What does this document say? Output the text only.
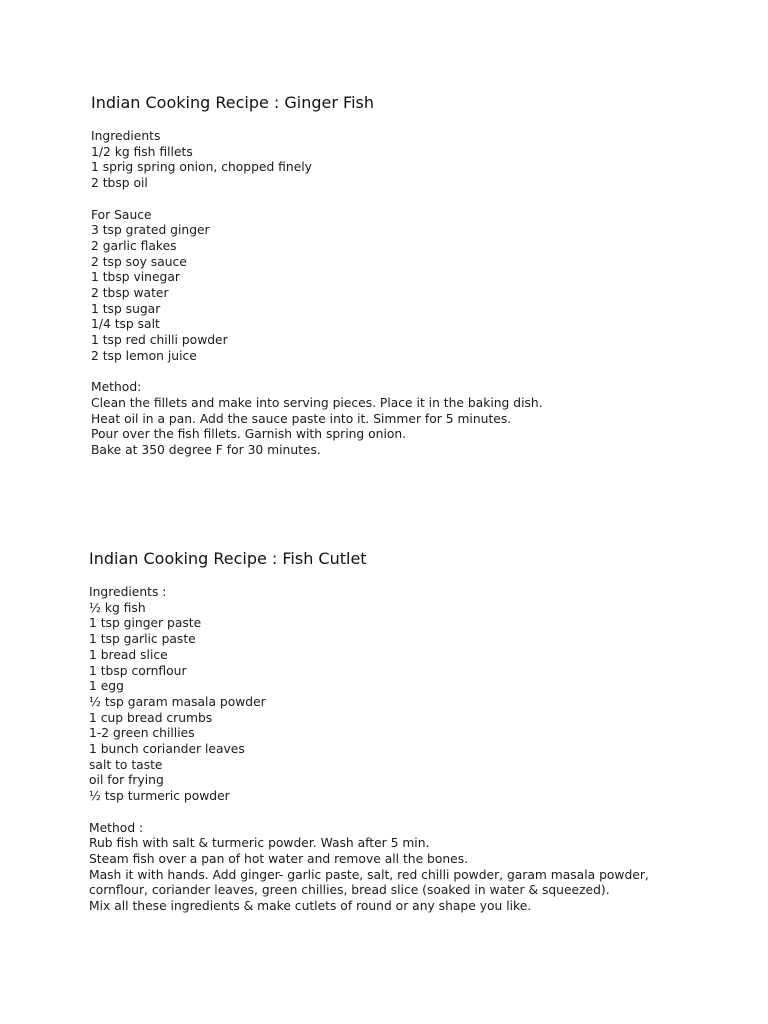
Indian Cooking Recipe : Ginger Fish
Ingredients
1/2 kg fish fillets
1 sprig spring onion, chopped finely
2 tbsp oil
For Sauce
3 tsp grated ginger
2 garlic flakes
2 tsp soy sauce
1 tbsp vinegar
2 tbsp water
1 tsp sugar
1/4 tsp salt
1 tsp red chilli powder
2 tsp lemon juice
Method:
Clean the fillets and make into serving pieces. Place it in the baking dish.
Heat oil in a pan. Add the sauce paste into it. Simmer for 5 minutes.
Pour over the fish fillets. Garnish with spring onion.
Bake at 350 degree F for 30 minutes.
Indian Cooking Recipe : Fish Cutlet
Ingredients :
½ kg fish
1 tsp ginger paste
1 tsp garlic paste
1 bread slice
1 tbsp cornflour
1 egg
½ tsp garam masala powder
1 cup bread crumbs
1-2 green chillies
1 bunch coriander leaves
salt to taste
oil for frying
½ tsp turmeric powder
Method :
Rub fish with salt & turmeric powder. Wash after 5 min.
Steam fish over a pan of hot water and remove all the bones.
Mash it with hands. Add ginger- garlic paste, salt, red chilli powder, garam masala powder,
cornflour, coriander leaves, green chillies, bread slice (soaked in water & squeezed).
Mix all these ingredients & make cutlets of round or any shape you like.
